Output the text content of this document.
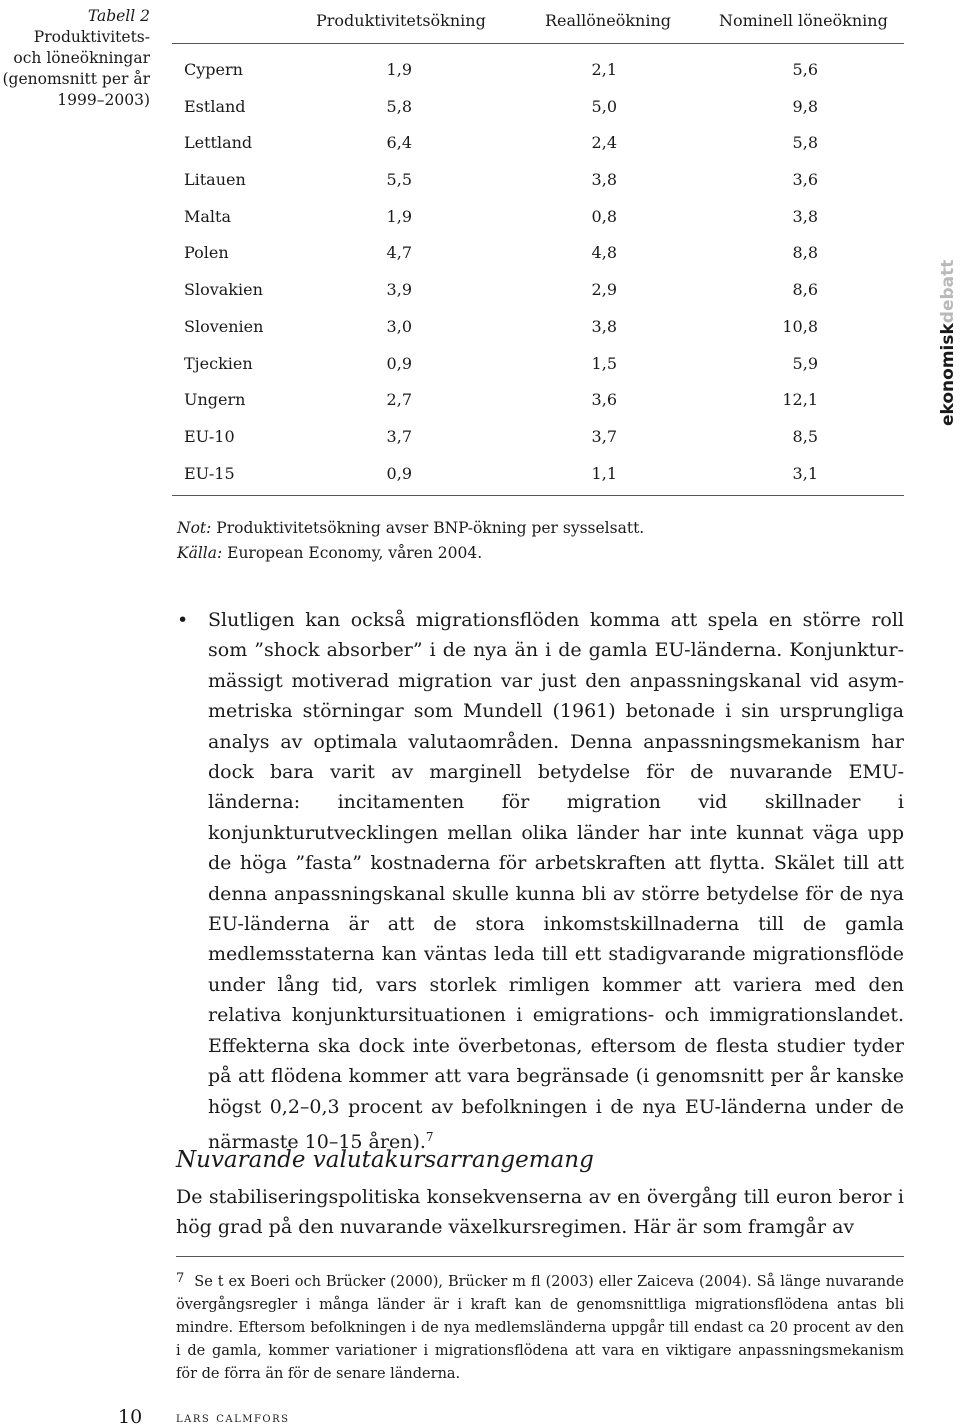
Tabell 2
Produktivitets-
och löneökningar
(genomsnitt per år
1999–2003)
Produktivitetsökning	Reallöneökning	Nominell löneökning
Cypern	1,9	2,1	5,6
Estland	5,8	5,0	9,8
Lettland	6,4	2,4	5,8
Litauen	5,5	3,8	3,6
Malta	1,9	0,8	3,8
Polen	4,7	4,8	8,8
Slovakien	3,9	2,9	8,6
Slovenien	3,0	3,8	10,8
Tjeckien	0,9	1,5	5,9
Ungern	2,7	3,6	12,1
EU-10	3,7	3,7	8,5
EU-15	0,9	1,1	3,1
ekonomiskdebatt
Not: Produktivitetsökning avser BNP-ökning per sysselsatt.
Källa: European Economy, våren 2004.
• Slutligen kan också migrationsflöden komma att spela en större roll som ”shock absorber” i de nya än i de gamla EU-länderna. Konjunkturmässigt motiverad migration var just den anpassningskanal vid asymmetriska störningar som Mundell (1961) betonade i sin ursprungliga analys av optimala valutaområden. Denna anpassningsmekanism har dock bara varit av marginell betydelse för de nuvarande EMU-länderna: incitamenten för migration vid skillnader i konjunkturutvecklingen mellan olika länder har inte kunnat väga upp de höga ”fasta” kostnaderna för arbetskraften att flytta. Skälet till att denna anpassningskanal skulle kunna bli av större betydelse för de nya EU-länderna är att de stora inkomstskillnaderna till de gamla medlemsstaterna kan väntas leda till ett stadigvarande migrationsflöde under lång tid, vars storlek rimligen kommer att variera med den relativa konjunktursituationen i emigrations- och immigrationslandet. Effekterna ska dock inte överbetonas, eftersom de flesta studier tyder på att flödena kommer att vara begränsade (i genomsnitt per år kanske högst 0,2–0,3 procent av befolkningen i de nya EU-länderna under de närmaste 10–15 åren).$^7$
Nuvarande valutakursarrangemang
De stabiliseringspolitiska konsekvenserna av en övergång till euron beror i hög grad på den nuvarande växelkursregimen. Här är som framgår av
7 Se t ex Boeri och Brücker (2000), Brücker m fl (2003) eller Zaiceva (2004). Så länge nuvarande övergångsregler i många länder är i kraft kan de genomsnittliga migrationsflödena antas bli mindre. Eftersom befolkningen i de nya medlemsländerna uppgår till endast ca 20 procent av den i de gamla, kommer variationer i migrationsflödena att vara en viktigare anpassningsmekanism för de förra än för de senare länderna.
10 lars calmfors
